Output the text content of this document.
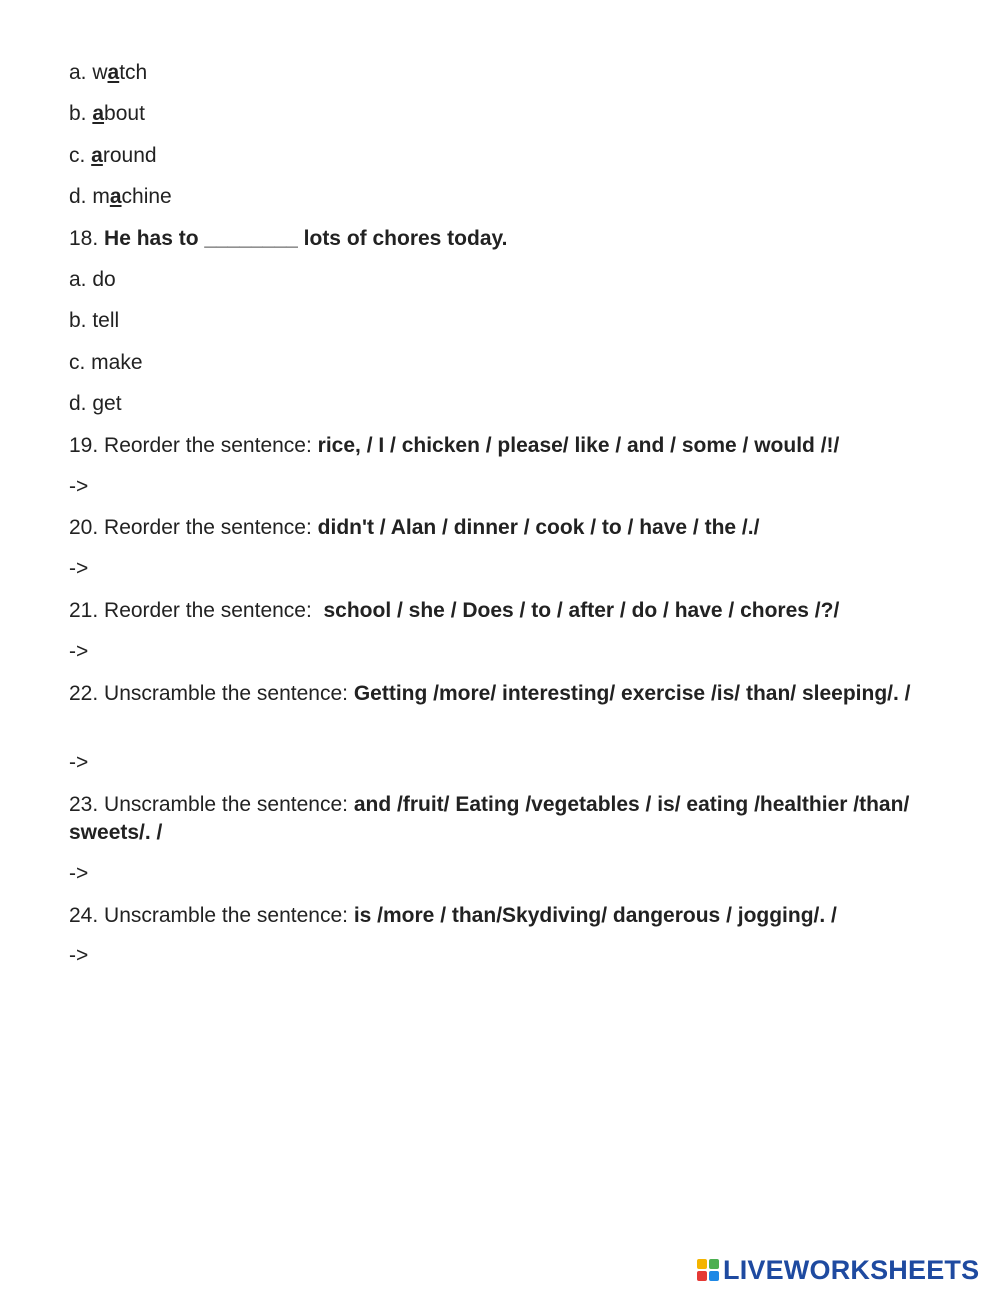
a. watch
b. about
c. around
d. machine
18. He has to ________ lots of chores today.
a. do
b. tell
c. make
d. get
19. Reorder the sentence: rice, / I / chicken / please/ like / and / some / would /!/
->
20. Reorder the sentence: didn't / Alan / dinner / cook / to / have / the /./
->
21. Reorder the sentence:  school / she / Does / to / after / do / have / chores /?/
->
22. Unscramble the sentence: Getting /more/ interesting/ exercise /is/ than/ sleeping/. /
->
23. Unscramble the sentence: and /fruit/ Eating /vegetables / is/ eating /healthier /than/ sweets/. /
->
24. Unscramble the sentence: is /more / than/Skydiving/ dangerous / jogging/. /
->
LIVEWORKSHEETS
